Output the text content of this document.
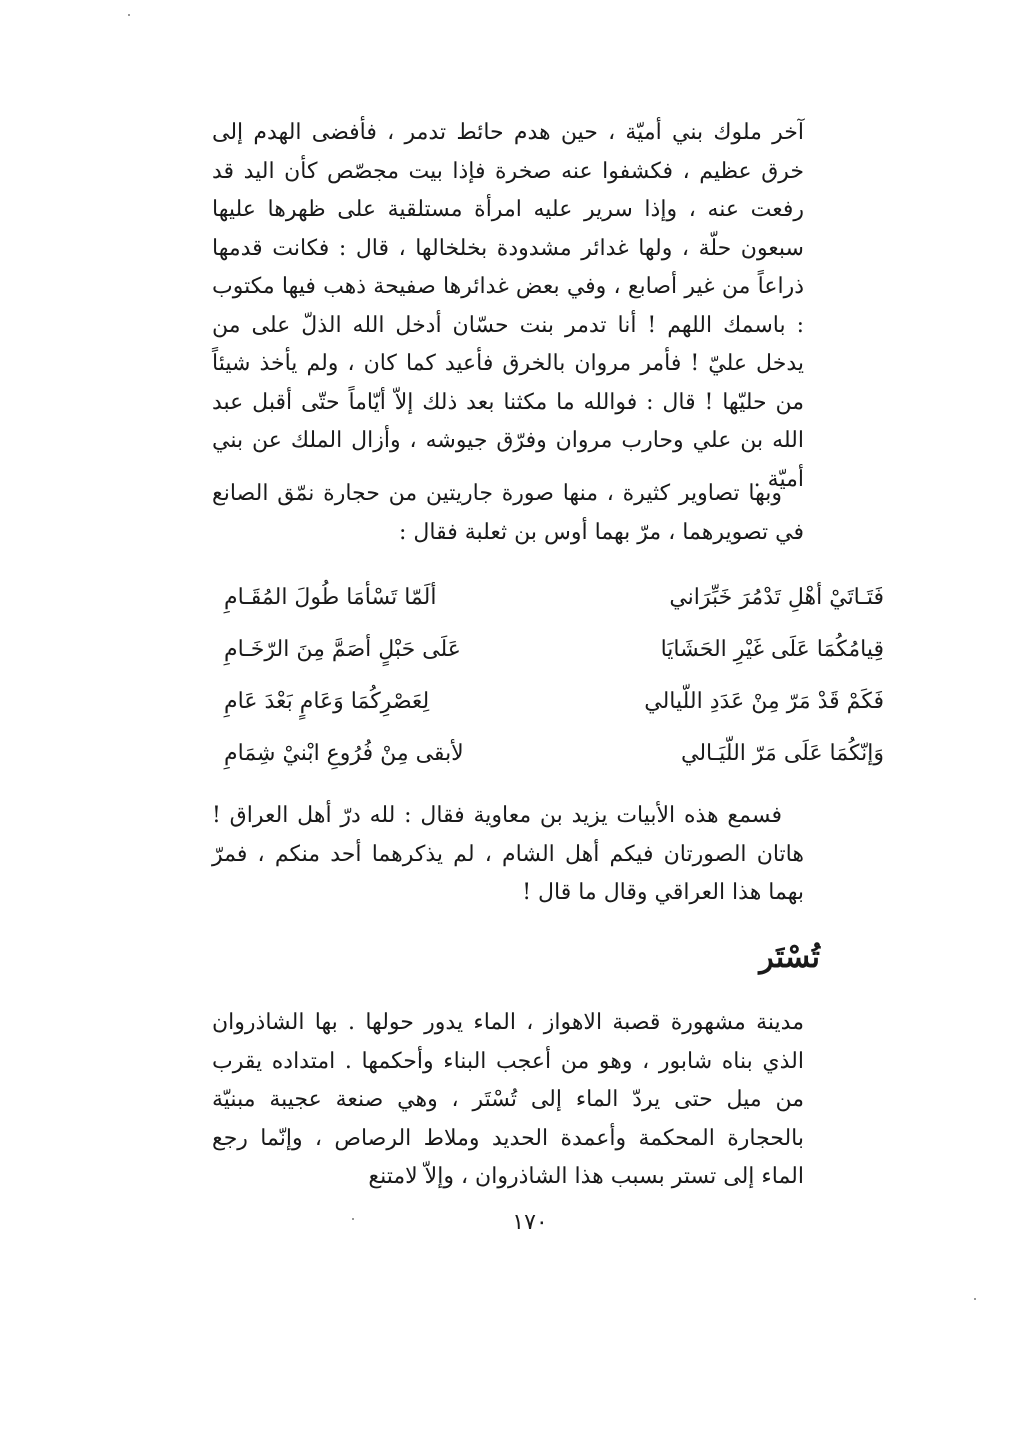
آخر ملوك بني أميّة ، حين هدم حائط تدمر ، فأفضى الهدم إلى خرق عظيم ، فكشفوا عنه صخرة فإذا بيت مجصّص كأن اليد قد رفعت عنه ، وإذا سرير عليه امرأة مستلقية على ظهرها عليها سبعون حلّة ، ولها غدائر مشدودة بخلخالها ، قال : فكانت قدمها ذراعاً من غير أصابع ، وفي بعض غدائرها صفيحة ذهب فيها مكتوب : باسمك اللهم ! أنا تدمر بنت حسّان أدخل الله الذلّ على من يدخل عليّ ! فأمر مروان بالخرق فأعيد كما كان ، ولم يأخذ شيئاً من حليّها ! قال : فوالله ما مكثنا بعد ذلك إلاّ أيّاماً حتّى أقبل عبد الله بن علي وحارب مروان وفرّق جيوشه ، وأزال الملك عن بني أميّة .

وبها تصاوير كثيرة ، منها صورة جاريتين من حجارة نمّق الصانع في تصويرهما ، مرّ بهما أوس بن ثعلبة فقال :

فَتَـاتَيْ أهْلِ تَدْمُرَ خَبِّرَاني
ألَمّا تَسْأمَا طُولَ المُقَـامِ
قِيامُكُمَا عَلَى غَيْرِ الحَشَايَا
عَلَى حَبْلٍ أصَمَّ مِنَ الرّخَـامِ
فَكَمْ قَدْ مَرّ مِنْ عَدَدِ اللّيالي
لِعَصْرِكُمَا وَعَامٍ بَعْدَ عَامِ
وَإنّكُمَا عَلَى مَرّ اللّيَـالي
لأبقى مِنْ فُرُوعِ ابْنيْ شِمَامِ

فسمع هذه الأبيات يزيد بن معاوية فقال : لله درّ أهل العراق ! هاتان الصورتان فيكم أهل الشام ، لم يذكرهما أحد منكم ، فمرّ بهما هذا العراقي وقال ما قال !

تُسْتَر

مدينة مشهورة قصبة الاهواز ، الماء يدور حولها . بها الشاذروان الذي بناه شابور ، وهو من أعجب البناء وأحكمها . امتداده يقرب من ميل حتى يردّ الماء إلى تُسْتَر ، وهي صنعة عجيبة مبنيّة بالحجارة المحكمة وأعمدة الحديد وملاط الرصاص ، وإنّما رجع الماء إلى تستر بسبب هذا الشاذروان ، وإلاّ لامتنع

١٧٠
